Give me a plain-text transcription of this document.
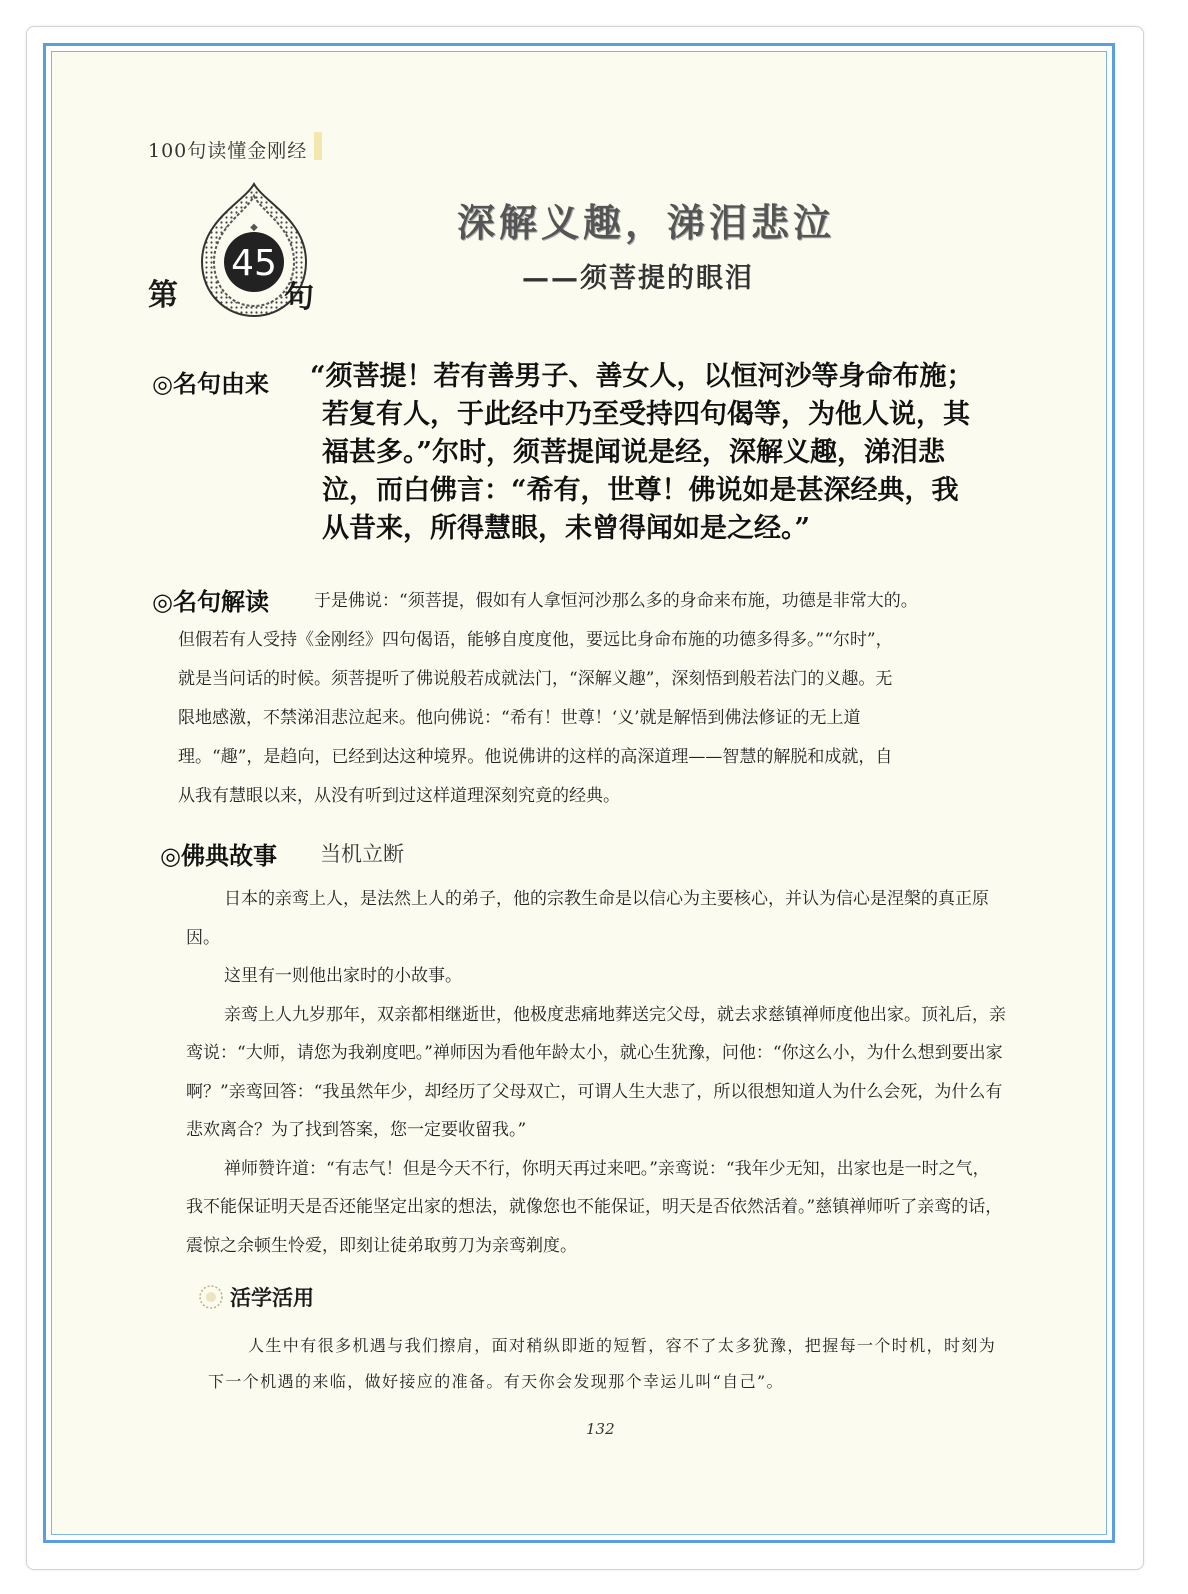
100句读懂金刚经
45
◆
第	句
深解义趣，涕泪悲泣
——须菩提的眼泪
◎名句由来 “须菩提！若有善男子、善女人，以恒河沙等身命布施；
若复有人，于此经中乃至受持四句偈等，为他人说，其
福甚多。”尔时，须菩提闻说是经，深解义趣，涕泪悲
泣，而白佛言：“希有，世尊！佛说如是甚深经典，我
从昔来，所得慧眼，未曾得闻如是之经。”
◎名句解读	于是佛说：“须菩提，假如有人拿恒河沙那么多的身命来布施，功德是非常大的。
但假若有人受持《金刚经》四句偈语，能够自度度他，要远比身命布施的功德多得多。”“尔时”，
就是当问话的时候。须菩提听了佛说般若成就法门，“深解义趣”，深刻悟到般若法门的义趣。无
限地感激，不禁涕泪悲泣起来。他向佛说：“希有！世尊！‘义’就是解悟到佛法修证的无上道
理。“趣”，是趋向，已经到达这种境界。他说佛讲的这样的高深道理——智慧的解脱和成就，自
从我有慧眼以来，从没有听到过这样道理深刻究竟的经典。
◎佛典故事 当机立断

日本的亲鸾上人，是法然上人的弟子，他的宗教生命是以信心为主要核心，并认为信心是涅槃的真正原因。

这里有一则他出家时的小故事。

亲鸾上人九岁那年，双亲都相继逝世，他极度悲痛地葬送完父母，就去求慈镇禅师度他出家。顶礼后，亲鸾说：“大师，请您为我剃度吧。”禅师因为看他年龄太小，就心生犹豫，问他：“你这么小，为什么想到要出家啊？”亲鸾回答：“我虽然年少，却经历了父母双亡，可谓人生大悲了，所以很想知道人为什么会死，为什么有悲欢离合？为了找到答案，您一定要收留我。”

禅师赞许道：“有志气！但是今天不行，你明天再过来吧。”亲鸾说：“我年少无知，出家也是一时之气，我不能保证明天是否还能坚定出家的想法，就像您也不能保证，明天是否依然活着。”慈镇禅师听了亲鸾的话，震惊之余顿生怜爱，即刻让徒弟取剪刀为亲鸾剃度。

活学活用

人生中有很多机遇与我们擦肩，面对稍纵即逝的短暂，容不了太多犹豫，把握每一个时机，时刻为下一个机遇的来临，做好接应的准备。有天你会发现那个幸运儿叫“自己”。

132
